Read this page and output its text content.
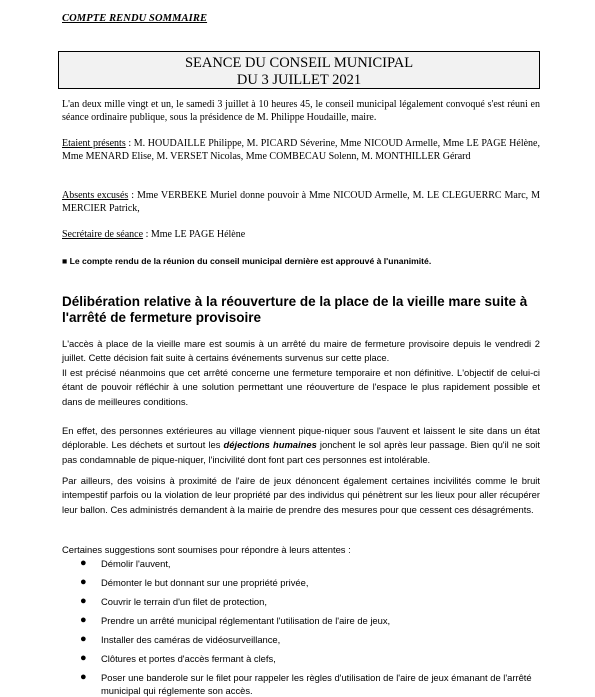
COMPTE RENDU SOMMAIRE
SEANCE DU CONSEIL MUNICIPAL
DU 3 JUILLET 2021
L'an deux mille vingt et un, le samedi 3 juillet à 10 heures 45, le conseil municipal légalement convoqué s'est réuni en séance ordinaire publique, sous la présidence de M. Philippe Houdaille, maire.
Etaient présents : M. HOUDAILLE Philippe, M. PICARD Séverine, Mme NICOUD Armelle, Mme LE PAGE Hélène, Mme MENARD Elise, M. VERSET Nicolas, Mme COMBECAU Solenn, M. MONTHILLER Gérard
Absents excusés : Mme VERBEKE Muriel donne pouvoir à Mme NICOUD Armelle, M. LE CLEGUERRC Marc, M MERCIER Patrick,
Secrétaire de séance : Mme LE PAGE Hélène
■ Le compte rendu de la réunion du conseil municipal dernière est approuvé à l'unanimité.
Délibération relative à la réouverture de la place de la vieille mare suite à l'arrêté de fermeture provisoire

L'accès à place de la vieille mare est soumis à un arrêté du maire de fermeture provisoire depuis le vendredi 2 juillet. Cette décision fait suite à certains événements survenus sur cette place.

Il est précisé néanmoins que cet arrêté concerne une fermeture temporaire et non définitive. L'objectif de celui-ci étant de pouvoir réfléchir à une solution permettant une réouverture de l'espace le plus rapidement possible et dans de meilleures conditions.

En effet, des personnes extérieures au village viennent pique-niquer sous l'auvent et laissent le site dans un état déplorable. Les déchets et surtout les déjections humaines jonchent le sol après leur passage. Bien qu'il ne soit pas condamnable de pique-niquer, l'incivilité dont font part ces personnes est intolérable.
Par ailleurs, des voisins à proximité de l'aire de jeux dénoncent également certaines incivilités comme le bruit intempestif parfois ou la violation de leur propriété par des individus qui pénètrent sur les lieux pour aller récupérer leur ballon. Ces administrés demandent à la mairie de prendre des mesures pour que cessent ces désagréments.
Certaines suggestions sont soumises pour répondre à leurs attentes :
● Démolir l'auvent,
● Démonter le but donnant sur une propriété privée,
● Couvrir le terrain d'un filet de protection,
● Prendre un arrêté municipal réglementant l'utilisation de l'aire de jeux,
● Installer des caméras de vidéosurveillance,
● Clôtures et portes d'accès fermant à clefs,
● Poser une banderole sur le filet pour rappeler les règles d'utilisation de l'aire de jeux émanant de l'arrêté municipal qui réglemente son accès.
